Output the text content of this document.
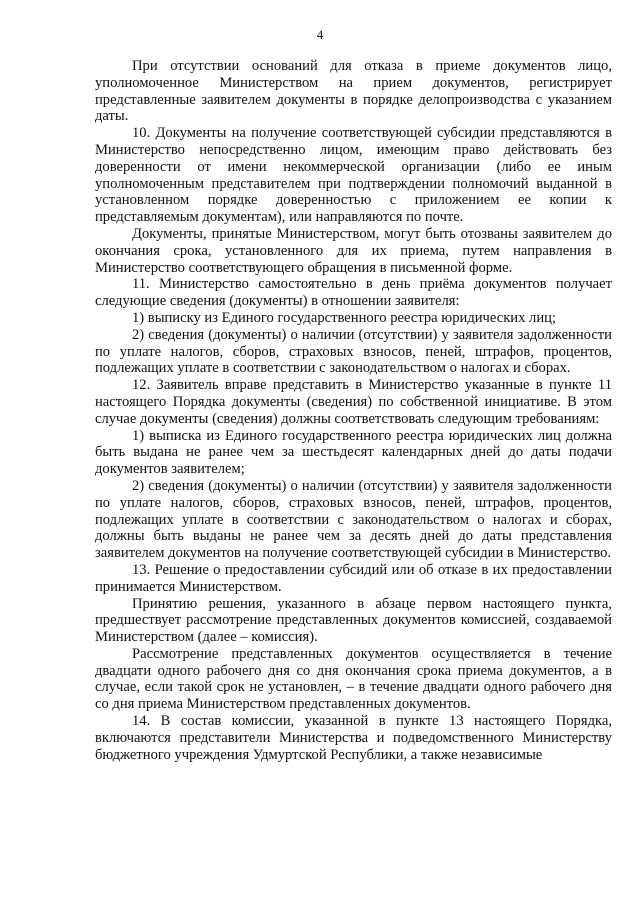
4

При отсутствии оснований для отказа в приеме документов лицо, уполномоченное Министерством на прием документов, регистрирует представленные заявителем документы в порядке делопроизводства с указанием даты.

10. Документы на получение соответствующей субсидии представляются в Министерство непосредственно лицом, имеющим право действовать без доверенности от имени некоммерческой организации (либо ее иным уполномоченным представителем при подтверждении полномочий выданной в установленном порядке доверенностью с приложением ее копии к представляемым документам), или направляются по почте.

Документы, принятые Министерством, могут быть отозваны заявителем до окончания срока, установленного для их приема, путем направления в Министерство соответствующего обращения в письменной форме.

11. Министерство самостоятельно в день приёма документов получает следующие сведения (документы) в отношении заявителя:

1) выписку из Единого государственного реестра юридических лиц;

2) сведения (документы) о наличии (отсутствии) у заявителя задолженности по уплате налогов, сборов, страховых взносов, пеней, штрафов, процентов, подлежащих уплате в соответствии с законодательством о налогах и сборах.

12. Заявитель вправе представить в Министерство указанные в пункте 11 настоящего Порядка документы (сведения) по собственной инициативе. В этом случае документы (сведения) должны соответствовать следующим требованиям:

1) выписка из Единого государственного реестра юридических лиц должна быть выдана не ранее чем за шестьдесят календарных дней до даты подачи документов заявителем;

2) сведения (документы) о наличии (отсутствии) у заявителя задолженности по уплате налогов, сборов, страховых взносов, пеней, штрафов, процентов, подлежащих уплате в соответствии с законодательством о налогах и сборах, должны быть выданы не ранее чем за десять дней до даты представления заявителем документов на получение соответствующей субсидии в Министерство.

13. Решение о предоставлении субсидий или об отказе в их предоставлении принимается Министерством.

Принятию решения, указанного в абзаце первом настоящего пункта, предшествует рассмотрение представленных документов комиссией, создаваемой Министерством (далее – комиссия).

Рассмотрение представленных документов осуществляется в течение двадцати одного рабочего дня со дня окончания срока приема документов, а в случае, если такой срок не установлен, – в течение двадцати одного рабочего дня со дня приема Министерством представленных документов.

14. В состав комиссии, указанной в пункте 13 настоящего Порядка, включаются представители Министерства и подведомственного Министерству бюджетного учреждения Удмуртской Республики, а также независимые
